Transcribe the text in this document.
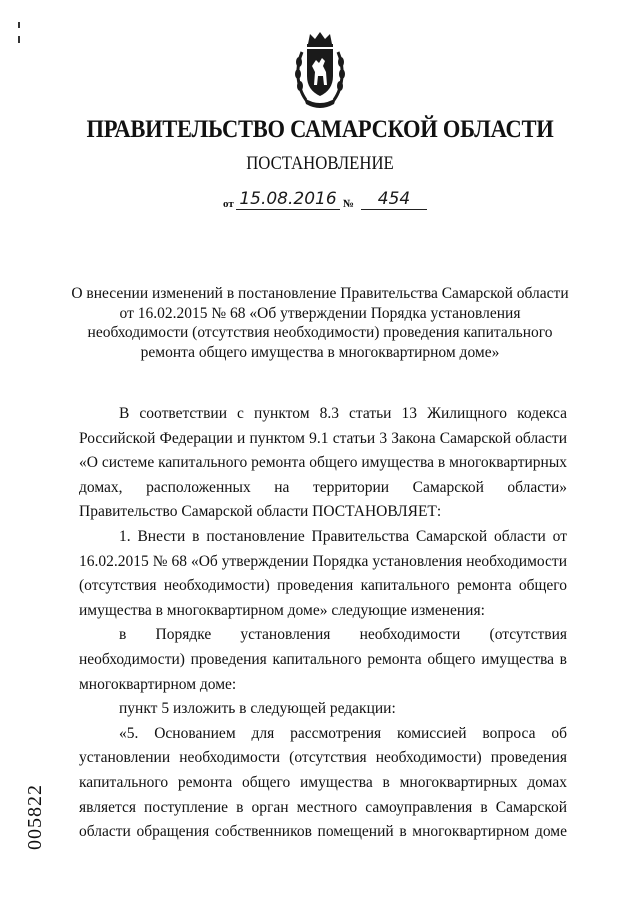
ПРАВИТЕЛЬСТВО САМАРСКОЙ ОБЛАСТИ
ПОСТАНОВЛЕНИЕ
от 15.08.2016 №	454
О внесении изменений в постановление Правительства Самарской области
от 16.02.2015 № 68 «Об утверждении Порядка установления
необходимости (отсутствия необходимости) проведения капитального
ремонта общего имущества в многоквартирном доме»

В соответствии с пунктом 8.3 статьи 13 Жилищного кодекса Российской Федерации и пунктом 9.1 статьи 3 Закона Самарской области «О системе капитального ремонта общего имущества в многоквартирных домах, расположенных на территории Самарской области» Правительство Самарской области ПОСТАНОВЛЯЕТ:

1. Внести в постановление Правительства Самарской области от 16.02.2015 № 68 «Об утверждении Порядка установления необходимости (отсутствия необходимости) проведения капитального ремонта общего имущества в многоквартирном доме» следующие изменения:

в Порядке установления необходимости (отсутствия необходимости) проведения капитального ремонта общего имущества в многоквартирном доме:

пункт 5 изложить в следующей редакции:

«5. Основанием для рассмотрения комиссией вопроса об установлении необходимости (отсутствия необходимости) проведения капитального ремонта общего имущества в многоквартирных домах является поступление в орган местного самоуправления в Самарской области обращения собственников помещений в многоквартирном доме

005822
